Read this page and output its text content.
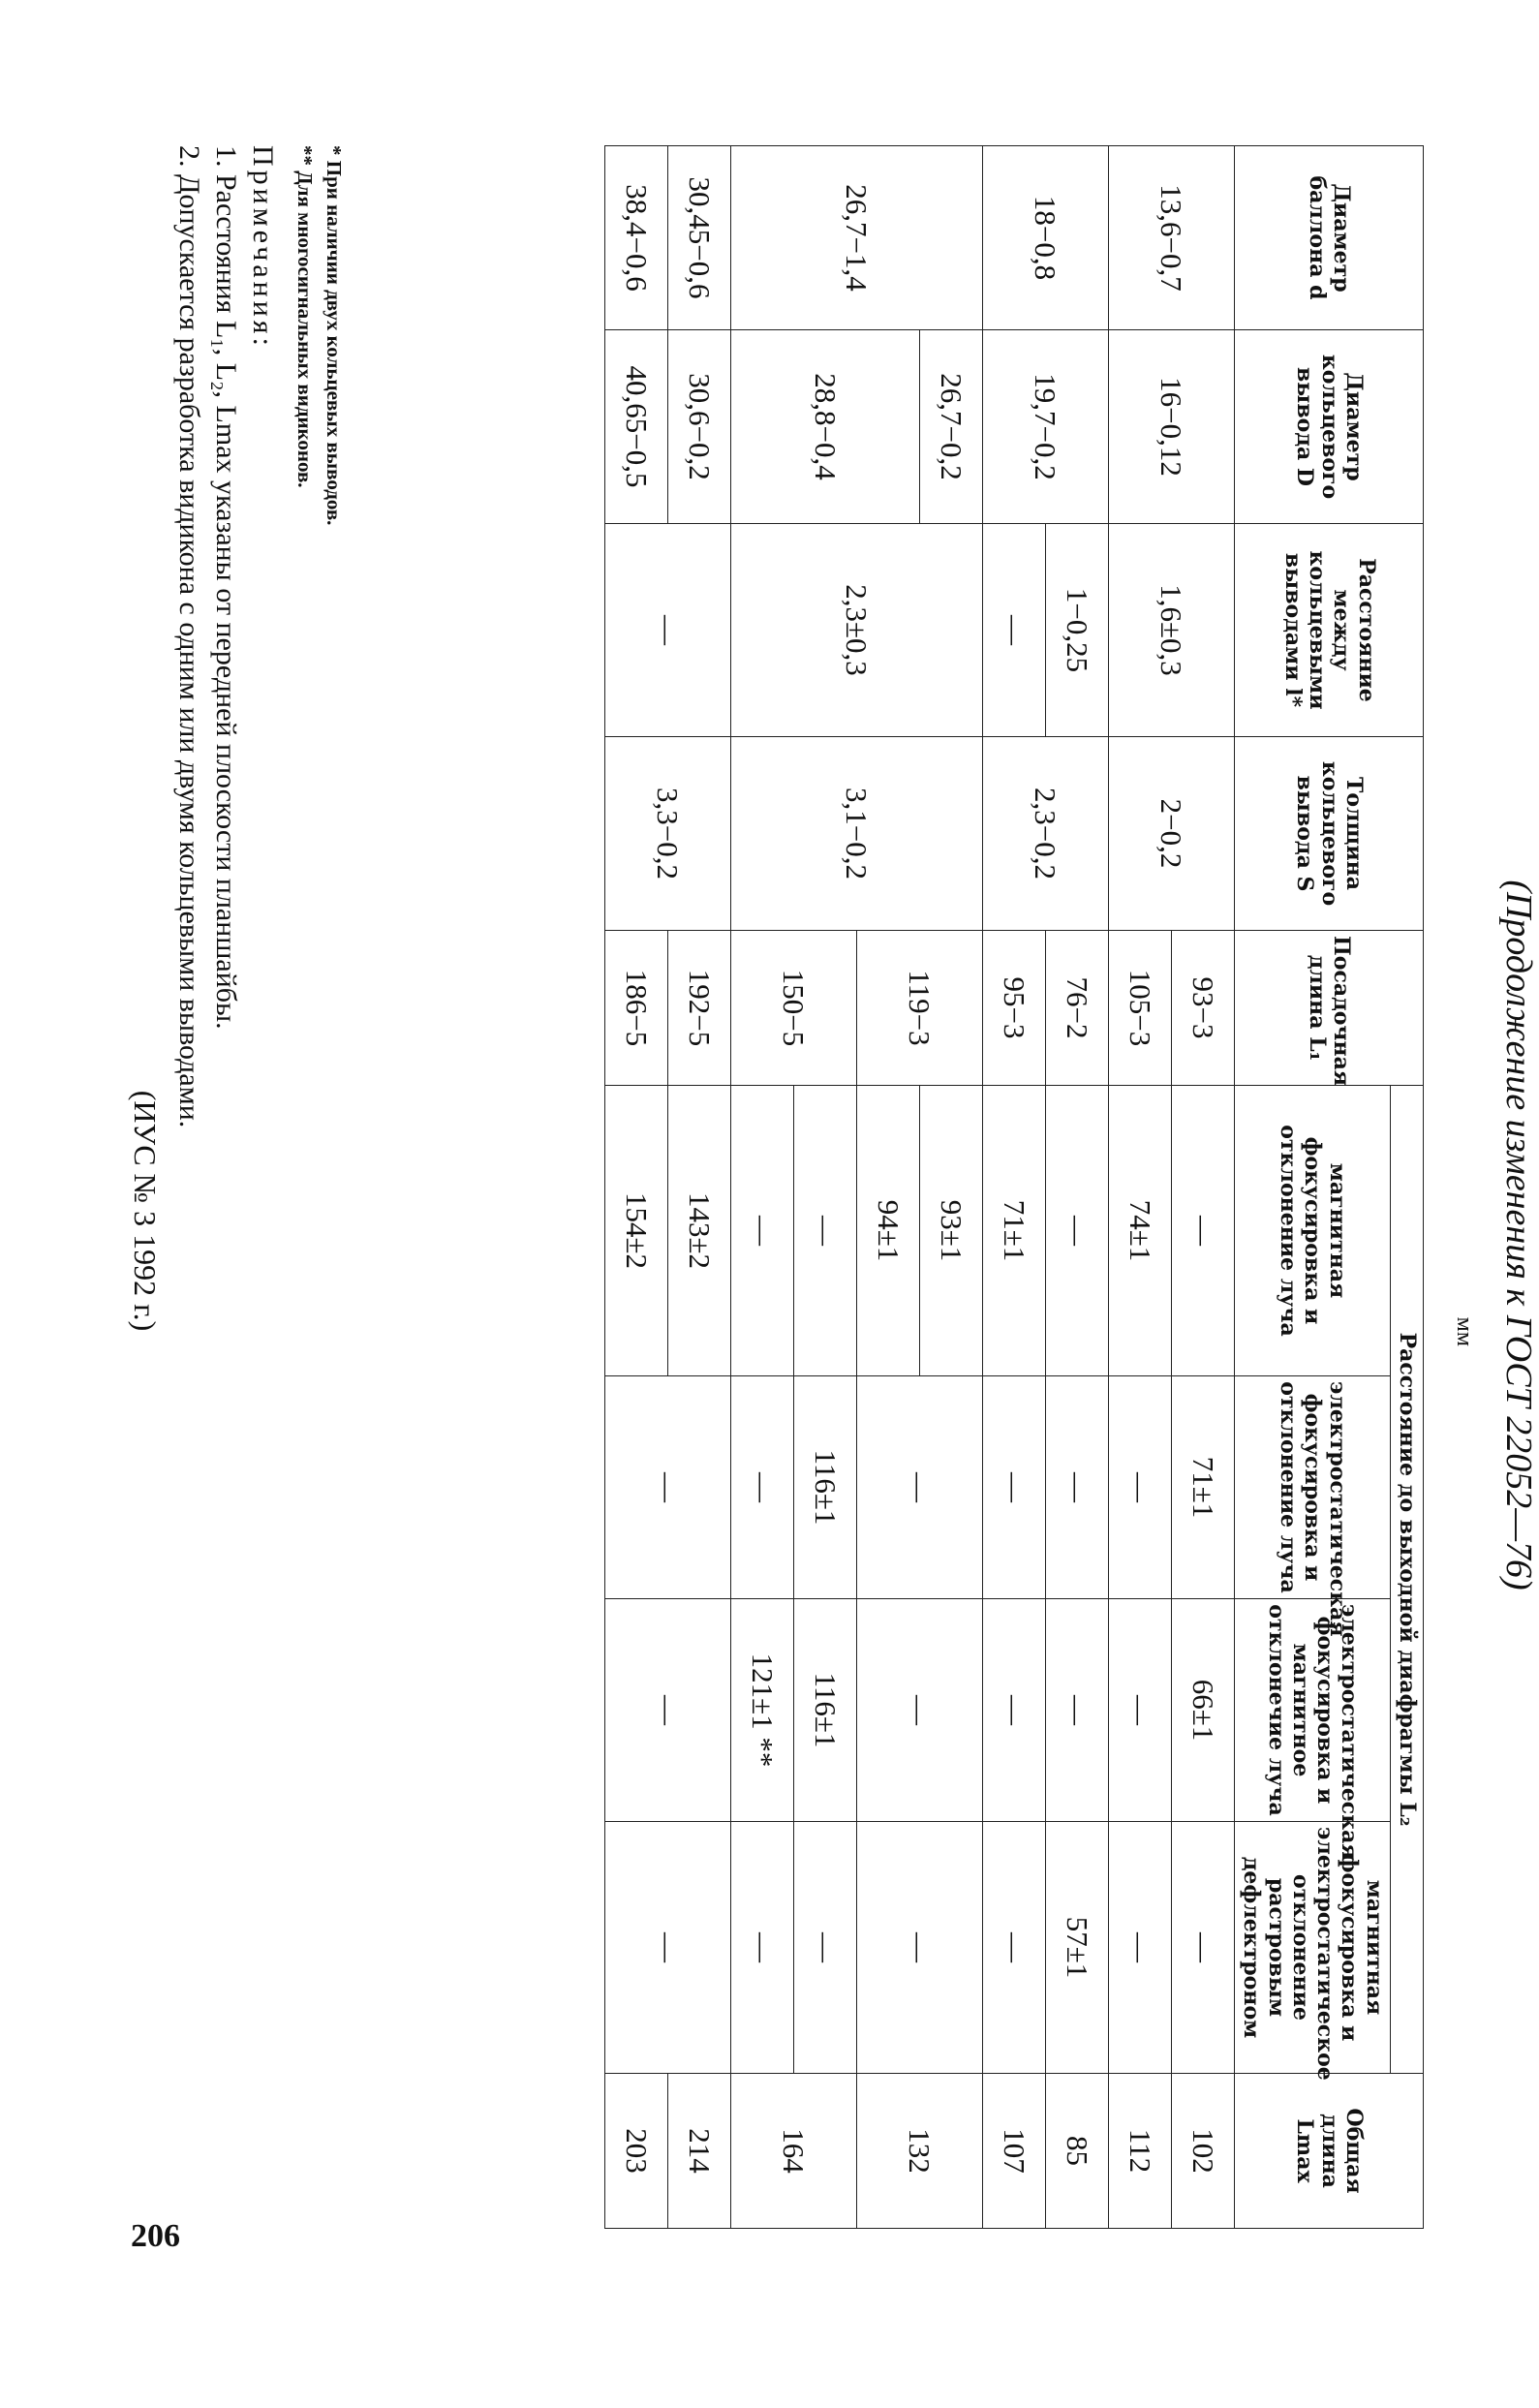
206
(Продолжение изменения к ГОСТ 22052—76)
мм
Диаметр баллона d	Диаметр кольцевого вывода D	Расстояние между кольцевыми выводами l*	Толщина кольцевого вывода S	Посадочная длина L₁	Расстояние до выходной диафрагмы L₂				Общая длина Lmax
					магнитная фокусировка и отклонение луча	электростатическая фокусировка и отклонение луча	электростатическая фокусировка и магнитное отклонечие луча	магнитная фокусировка и электростатическое отклонение растровым дефлектроном	
13,6−0,7	16−0,12	1,6±0,3	2−0,2	93−3	—	71±1	66±1	—	102
				105−3	74±1	—	—	—	112
18−0,8	19,7−0,2	1−0,25	2,3−0,2	76−2	—	—	—	57±1	85
		—		95−3	71±1	—	—	—	107
26,7−1,4	26,7−0,2	2,3±0,3	3,1−0,2	119−3	93±1	—	—	—	132
	28,8−0,4				94±1				
				150−5	—	116±1	116±1	—	164
					—	—	121±1 **	—	
30,45−0,6	30,6−0,2	—	3,3−0,2	192−5	143±2	—	—	—	214
38,4−0,6	40,65−0,5			186−5	154±2				203
* При наличии двух кольцевых выводов.
** Для многосигнальных видиконов.
Примечания:
1. Расстояния L₁, L₂, Lmax указаны от передней плоскости планшайбы.
2. Допускается разработка видикона с одним или двумя кольцевыми выводами.
(ИУС № 3 1992 г.)
